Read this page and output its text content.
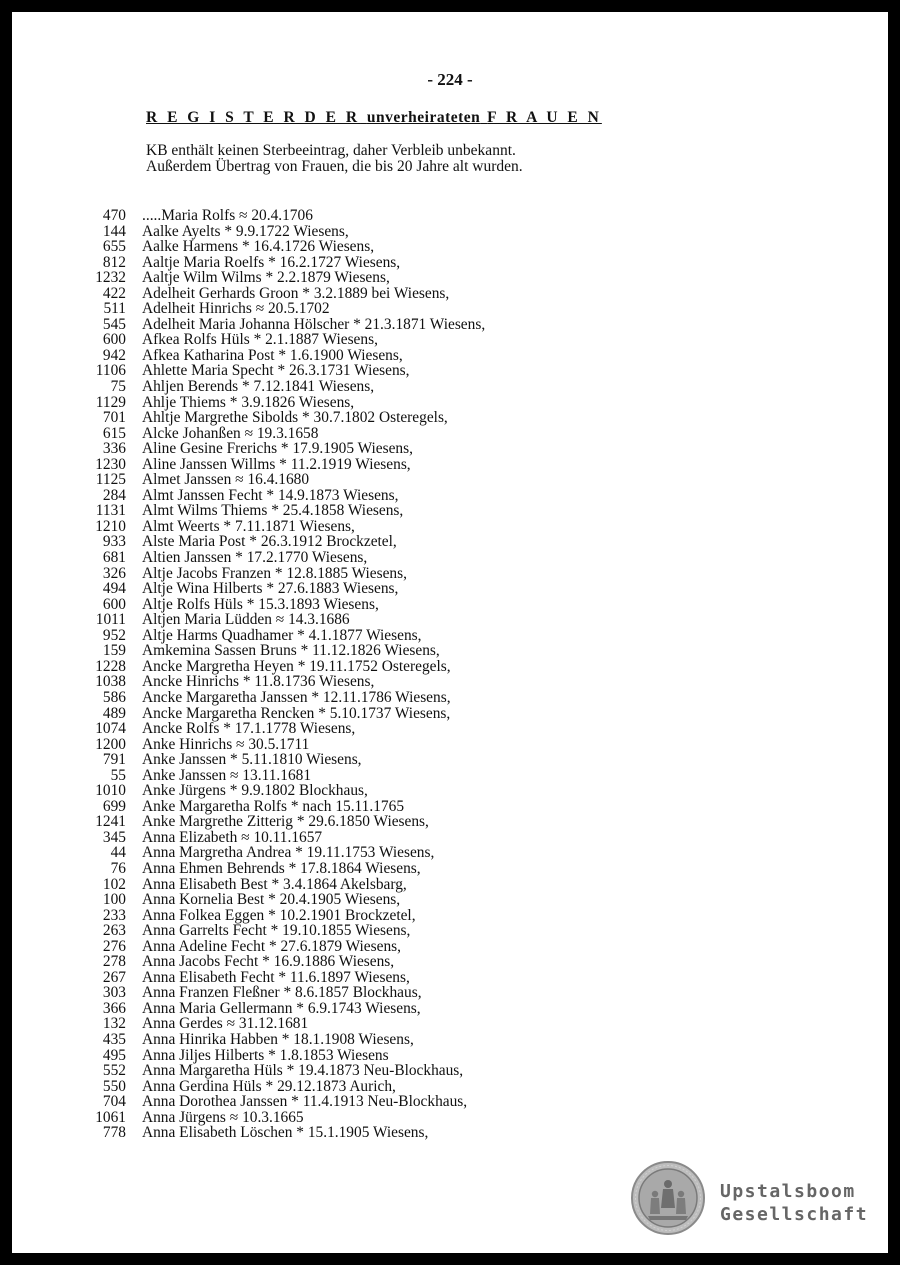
- 224 -
R E G I S T E R D E R unverheirateten F R A U E N
KB enthält keinen Sterbeeintrag, daher Verbleib unbekannt.
Außerdem Übertrag von Frauen, die bis 20 Jahre alt wurden.
470 .....Maria Rolfs ≈ 20.4.1706
144 Aalke Ayelts * 9.9.1722 Wiesens,
655 Aalke Harmens * 16.4.1726 Wiesens,
812 Aaltje Maria Roelfs * 16.2.1727 Wiesens,
1232 Aaltje Wilm Wilms * 2.2.1879 Wiesens,
422 Adelheit Gerhards Groon * 3.2.1889 bei Wiesens,
511 Adelheit Hinrichs ≈ 20.5.1702
545 Adelheit Maria Johanna Hölscher * 21.3.1871 Wiesens,
600 Afkea Rolfs Hüls * 2.1.1887 Wiesens,
942 Afkea Katharina Post * 1.6.1900 Wiesens,
1106 Ahlette Maria Specht * 26.3.1731 Wiesens,
75 Ahljen Berends * 7.12.1841 Wiesens,
1129 Ahlje Thiems * 3.9.1826 Wiesens,
701 Ahltje Margrethe Sibolds * 30.7.1802 Osteregels,
615 Alcke Johanßen ≈ 19.3.1658
336 Aline Gesine Frerichs * 17.9.1905 Wiesens,
1230 Aline Janssen Willms * 11.2.1919 Wiesens,
1125 Almet Janssen ≈ 16.4.1680
284 Almt Janssen Fecht * 14.9.1873 Wiesens,
1131 Almt Wilms Thiems * 25.4.1858 Wiesens,
1210 Almt Weerts * 7.11.1871 Wiesens,
933 Alste Maria Post * 26.3.1912 Brockzetel,
681 Altien Janssen * 17.2.1770 Wiesens,
326 Altje Jacobs Franzen * 12.8.1885 Wiesens,
494 Altje Wina Hilberts * 27.6.1883 Wiesens,
600 Altje Rolfs Hüls * 15.3.1893 Wiesens,
1011 Altjen Maria Lüdden ≈ 14.3.1686
952 Altje Harms Quadhamer * 4.1.1877 Wiesens,
159 Amkemina Sassen Bruns * 11.12.1826 Wiesens,
1228 Ancke Margretha Heyen * 19.11.1752 Osteregels,
1038 Ancke Hinrichs * 11.8.1736 Wiesens,
586 Ancke Margaretha Janssen * 12.11.1786 Wiesens,
489 Ancke Margaretha Rencken * 5.10.1737 Wiesens,
1074 Ancke Rolfs * 17.1.1778 Wiesens,
1200 Anke Hinrichs ≈ 30.5.1711
791 Anke Janssen * 5.11.1810 Wiesens,
55 Anke Janssen ≈ 13.11.1681
1010 Anke Jürgens * 9.9.1802 Blockhaus,
699 Anke Margaretha Rolfs * nach 15.11.1765
1241 Anke Margrethe Zitterig * 29.6.1850 Wiesens,
345 Anna Elizabeth ≈ 10.11.1657
44 Anna Margretha Andrea * 19.11.1753 Wiesens,
76 Anna Ehmen Behrends * 17.8.1864 Wiesens,
102 Anna Elisabeth Best * 3.4.1864 Akelsbarg,
100 Anna Kornelia Best * 20.4.1905 Wiesens,
233 Anna Folkea Eggen * 10.2.1901 Brockzetel,
263 Anna Garrelts Fecht * 19.10.1855 Wiesens,
276 Anna Adeline Fecht * 27.6.1879 Wiesens,
278 Anna Jacobs Fecht * 16.9.1886 Wiesens,
267 Anna Elisabeth Fecht * 11.6.1897 Wiesens,
303 Anna Franzen Fleßner * 8.6.1857 Blockhaus,
366 Anna Maria Gellermann * 6.9.1743 Wiesens,
132 Anna Gerdes ≈ 31.12.1681
435 Anna Hinrika Habben * 18.1.1908 Wiesens,
495 Anna Jiljes Hilberts * 1.8.1853 Wiesens
552 Anna Margaretha Hüls * 19.4.1873 Neu-Blockhaus,
550 Anna Gerdina Hüls * 29.12.1873 Aurich,
704 Anna Dorothea Janssen * 11.4.1913 Neu-Blockhaus,
1061 Anna Jürgens ≈ 10.3.1665
778 Anna Elisabeth Löschen * 15.1.1905 Wiesens,
Upstalsboom
Gesellschaft
